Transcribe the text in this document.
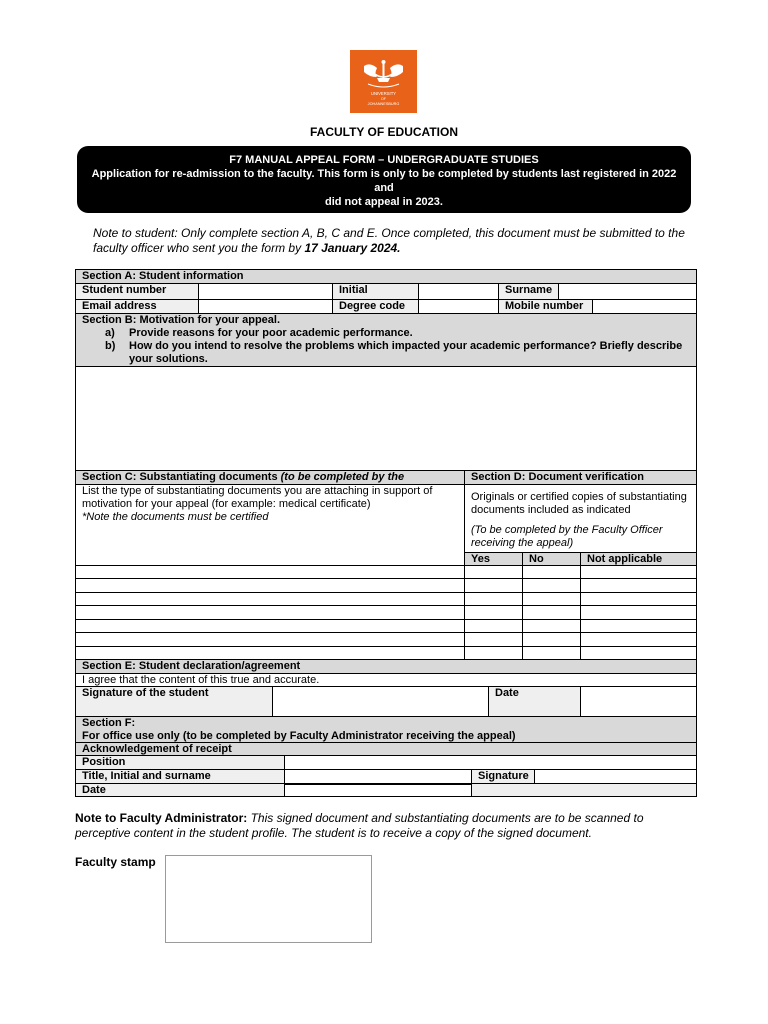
UNIVERSITY
OF
JOHANNESBURG
FACULTY OF EDUCATION
F7 MANUAL APPEAL FORM – UNDERGRADUATE STUDIES
Application for re-admission to the faculty. This form is only to be completed by students last registered in 2022 and
did not appeal in 2023.
Note to student: Only complete section A, B, C and E. Once completed, this document must be submitted to the faculty officer who sent you the form by 17 January 2024.
Section A: Student information
Student number	Initial	Surname
Email address	Degree code	Mobile number
Section B: Motivation for your appeal.
a) Provide reasons for your poor academic performance.
b) How do you intend to resolve the problems which impacted your academic performance? Briefly describe your solutions.
Section C: Substantiating documents (to be completed by the	Section D: Document verification
List the type of substantiating documents you are attaching in support of motivation for your appeal (for example: medical certificate)
*Note the documents must be certified
Originals or certified copies of substantiating documents included as indicated
(To be completed by the Faculty Officer receiving the appeal)
Yes	No	Not applicable
Section E: Student declaration/agreement
I agree that the content of this true and accurate.
Signature of the student	Date
Section F:
For office use only (to be completed by Faculty Administrator receiving the appeal)
Acknowledgement of receipt
Position
Title, Initial and surname	Signature
Date
Note to Faculty Administrator: This signed document and substantiating documents are to be scanned to perceptive content in the student profile. The student is to receive a copy of the signed document.
Faculty stamp
